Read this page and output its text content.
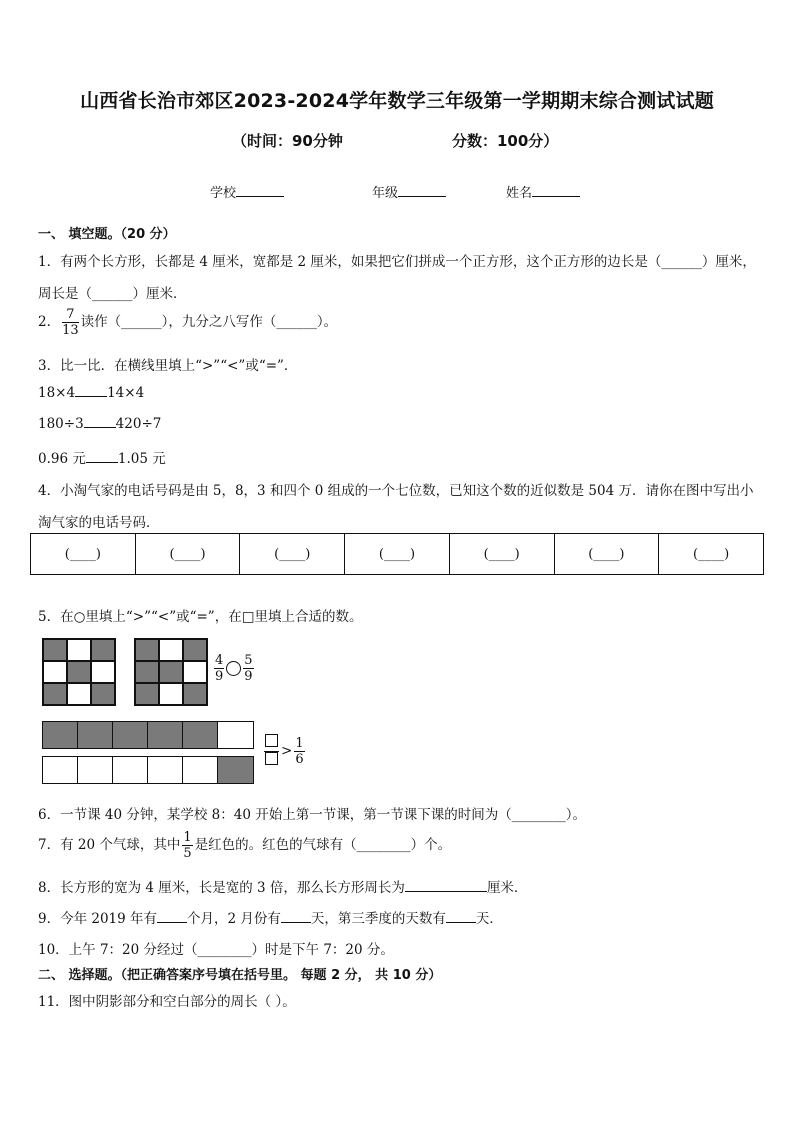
山西省长治市郊区2023-2024学年数学三年级第一学期期末综合测试试题
（时间：90分钟	分数：100分）
学校	年级	姓名
一、 填空题。（20 分）
1．有两个长方形，长都是 4 厘米，宽都是 2 厘米，如果把它们拼成一个正方形，这个正方形的边长是（______）厘米，
周长是（______）厘米．
2． $\frac{7}{13}$ 读作（______），九分之八写作（______）。
3．比一比．在横线里填上“>”“<”或“=”．
18×4 14×4
180÷3 420÷7
0.96 元 1.05 元
4．小淘气家的电话号码是由 5，8，3 和四个 0 组成的一个七位数，已知这个数的近似数是 504 万．请你在图中写出小
淘气家的电话号码．
(____)	(____)	(____)	(____)	(____)	(____)	(____)
5．在○里填上“>”“<”或“=”，在□里填上合适的数。
$\frac{4}{9} \frac{5}{9}$
> $\frac{1}{6}$
6．一节课 40 分钟，某学校 8：40 开始上第一节课，第一节课下课的时间为（________）。
7．有 20 个气球，其中 $\frac{1}{5}$ 是红色的。红色的气球有（________）个。
8．长方形的宽为 4 厘米，长是宽的 3 倍，那么长方形周长为	厘米．
9．今年 2019 年有 个月，2 月份有 天，第三季度的天数有 天．
10．上午 7：20 分经过（________）时是下午 7：20 分。
二、 选择题。（把正确答案序号填在括号里。 每题 2 分， 共 10 分）
11．图中阴影部分和空白部分的周长（ ）。
